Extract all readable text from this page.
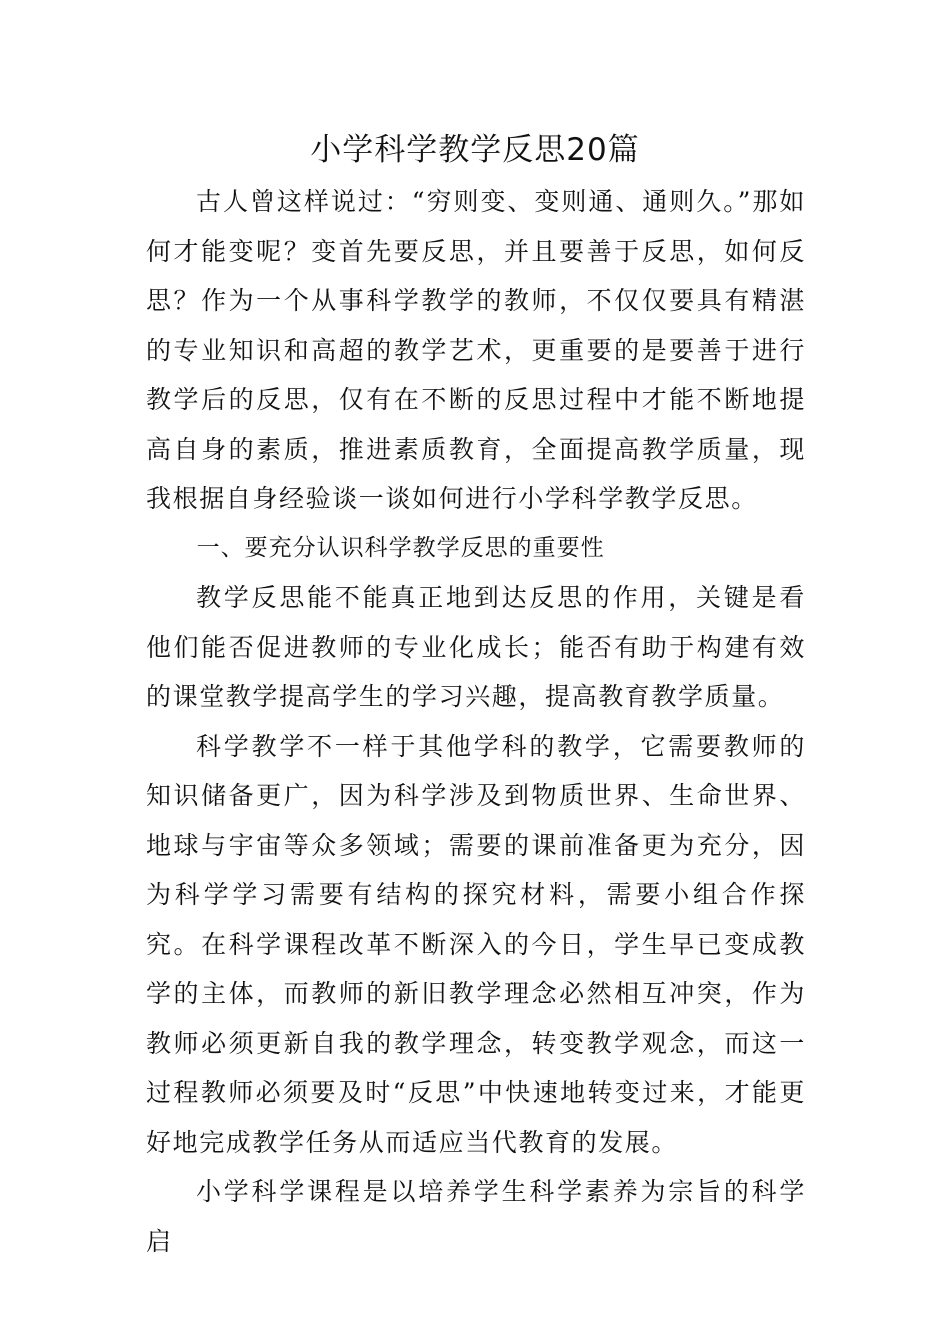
小学科学教学反思20篇

古人曾这样说过：“穷则变、变则通、通则久。”那如何才能变呢？变首先要反思，并且要善于反思，如何反思？作为一个从事科学教学的教师，不仅仅要具有精湛的专业知识和高超的教学艺术，更重要的是要善于进行教学后的反思，仅有在不断的反思过程中才能不断地提高自身的素质，推进素质教育，全面提高教学质量，现我根据自身经验谈一谈如何进行小学科学教学反思。

一、要充分认识科学教学反思的重要性

教学反思能不能真正地到达反思的作用，关键是看他们能否促进教师的专业化成长；能否有助于构建有效的课堂教学提高学生的学习兴趣，提高教育教学质量。

科学教学不一样于其他学科的教学，它需要教师的知识储备更广，因为科学涉及到物质世界、生命世界、地球与宇宙等众多领域；需要的课前准备更为充分，因为科学学习需要有结构的探究材料，需要小组合作探究。在科学课程改革不断深入的今日，学生早已变成教学的主体，而教师的新旧教学理念必然相互冲突，作为教师必须更新自我的教学理念，转变教学观念，而这一过程教师必须要及时“反思”中快速地转变过来，才能更好地完成教学任务从而适应当代教育的发展。

小学科学课程是以培养学生科学素养为宗旨的科学启
